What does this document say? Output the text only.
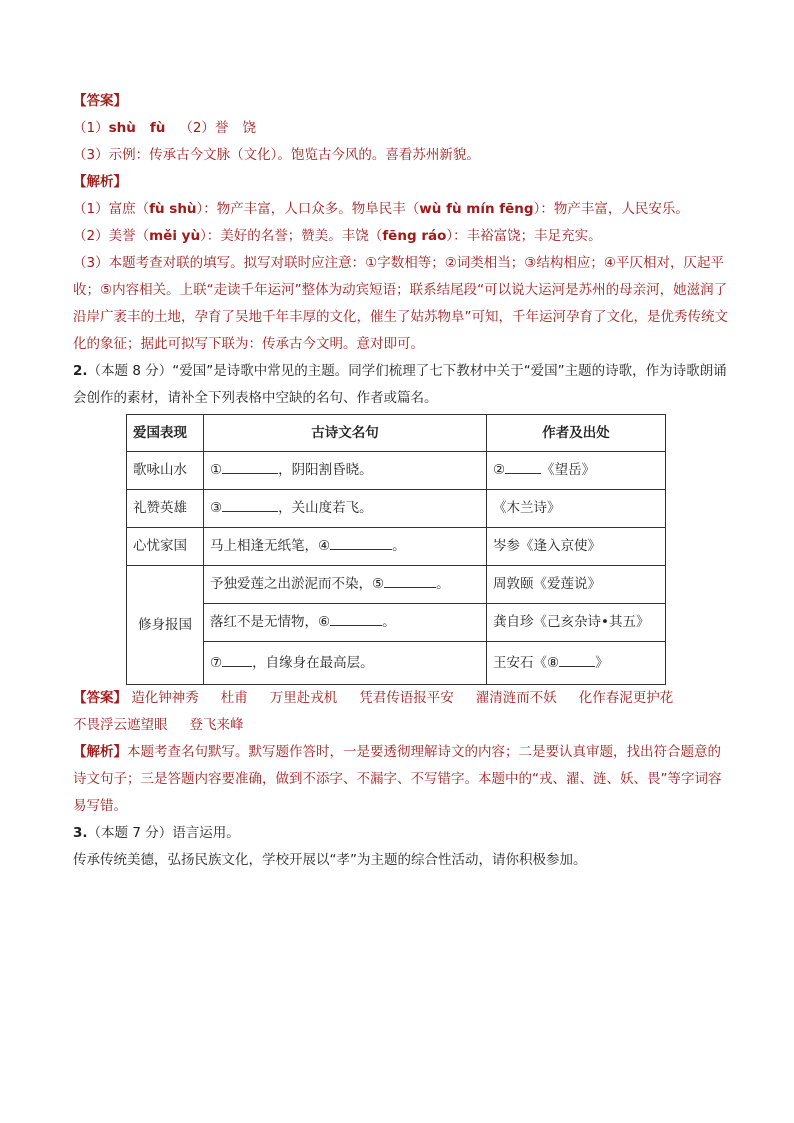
【答案】
（1）shù fù （2）誉 饶
（3）示例：传承古今文脉（文化）。饱览古今风的。喜看苏州新貌。
【解析】
（1）富庶（fù shù）：物产丰富，人口众多。物阜民丰（wù fù mín fēng）：物产丰富，人民安乐。
（2）美誉（měi yù）：美好的名誉；赞美。丰饶（fēng ráo）：丰裕富饶；丰足充实。
（3）本题考查对联的填写。拟写对联时应注意：①字数相等；②词类相当；③结构相应；④平仄相对，仄起平收；⑤内容相关。上联“走读千年运河”整体为动宾短语；联系结尾段“可以说大运河是苏州的母亲河，她滋润了沿岸广袤丰的土地，孕育了吴地千年丰厚的文化，催生了姑苏物阜”可知，千年运河孕育了文化，是优秀传统文化的象征；据此可拟写下联为：传承古今文明。意对即可。
2.（本题 8 分）“爱国”是诗歌中常见的主题。同学们梳理了七下教材中关于“爱国”主题的诗歌，作为诗歌朗诵会创作的素材，请补全下列表格中空缺的名句、作者或篇名。
爱国表现	古诗文名句	作者及出处
歌咏山水	① ，阴阳割昏晓。	② 《望岳》
礼赞英雄	③ ，关山度若飞。	《木兰诗》
心忧家国	马上相逢无纸笔，④ 。	岑参《逢入京使》
修身报国	予独爱莲之出淤泥而不染，⑤ 。	周敦颐《爱莲说》
	落红不是无情物，⑥ 。	龚自珍《己亥杂诗•其五》
	⑦ ，自缘身在最高层。	王安石《⑧ 》
【答案】 造化钟神秀 杜甫 万里赴戎机 凭君传语报平安 濯清涟而不妖 化作春泥更护花
不畏浮云遮望眼 登飞来峰
【解析】本题考查名句默写。默写题作答时，一是要透彻理解诗文的内容；二是要认真审题，找出符合题意的诗文句子；三是答题内容要准确，做到不添字、不漏字、不写错字。本题中的“戎、濯、涟、妖、畏”等字词容易写错。
3.（本题 7 分）语言运用。
传承传统美德，弘扬民族文化，学校开展以“孝”为主题的综合性活动，请你积极参加。
